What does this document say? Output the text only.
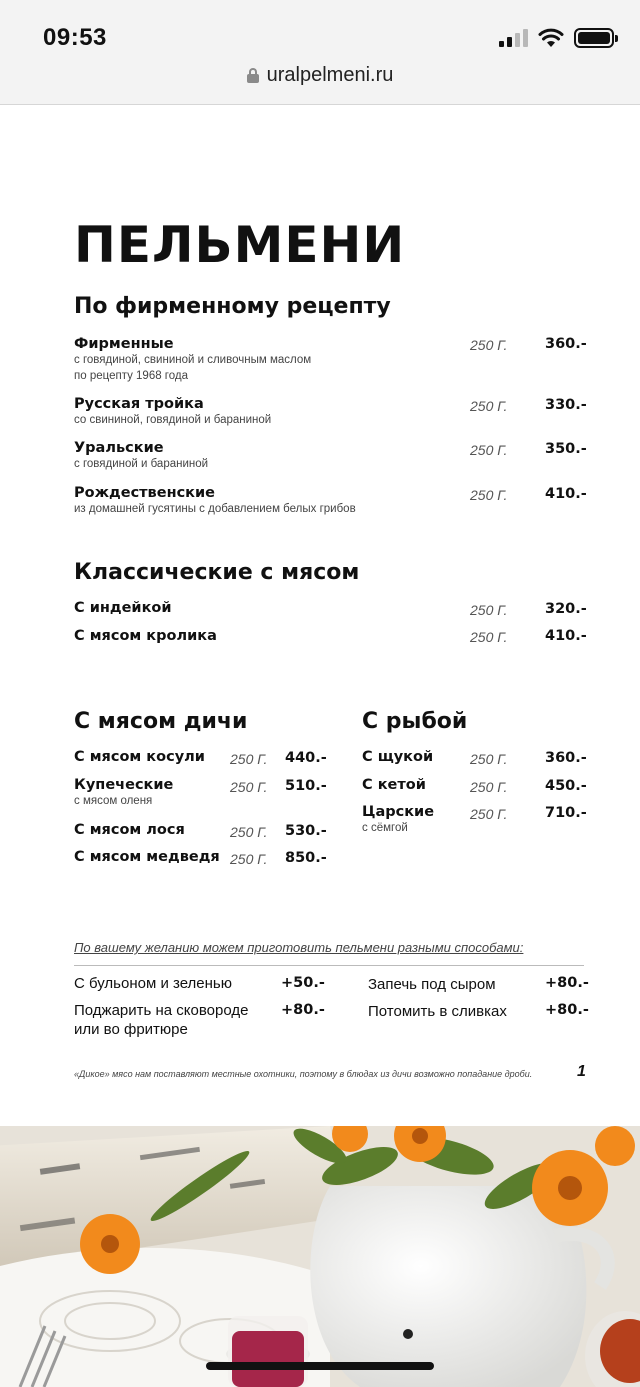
09:53
uralpelmeni.ru
ПЕЛЬМЕНИ
По фирменному рецепту
Фирменные
с говядиной, свининой и сливочным маслом
по рецепту 1968 года
250 Г.	360.-
Русская тройка
со свининой, говядиной и бараниной
250 Г.	330.-
Уральские
с говядиной и бараниной
250 Г.	350.-
Рождественские
из домашней гусятины с добавлением белых грибов
250 Г.	410.-
Классические с мясом
С индейкой	250 Г.	320.-
С мясом кролика	250 Г.	410.-
С мясом дичи
С мясом косули 250 Г. 440.-
Купеческие
с мясом оленя
250 Г. 510.-
С мясом лося	250 Г. 530.-
С мясом медведя 250 Г. 850.-
С рыбой
С щукой	250 Г.	360.-
С кетой	250 Г.	450.-
Царские
с сёмгой
250 Г.	710.-
По вашему желанию можем приготовить пельмени разными способами:
С бульоном и зеленью	+50.-
Поджарить на сковороде
или во фритюре
+80.-
Запечь под сыром	+80.-
Потомить в сливках	+80.-
«Дикое» мясо нам поставляют местные охотники, поэтому в блюдах из дичи возможно попадание дроби.	1
